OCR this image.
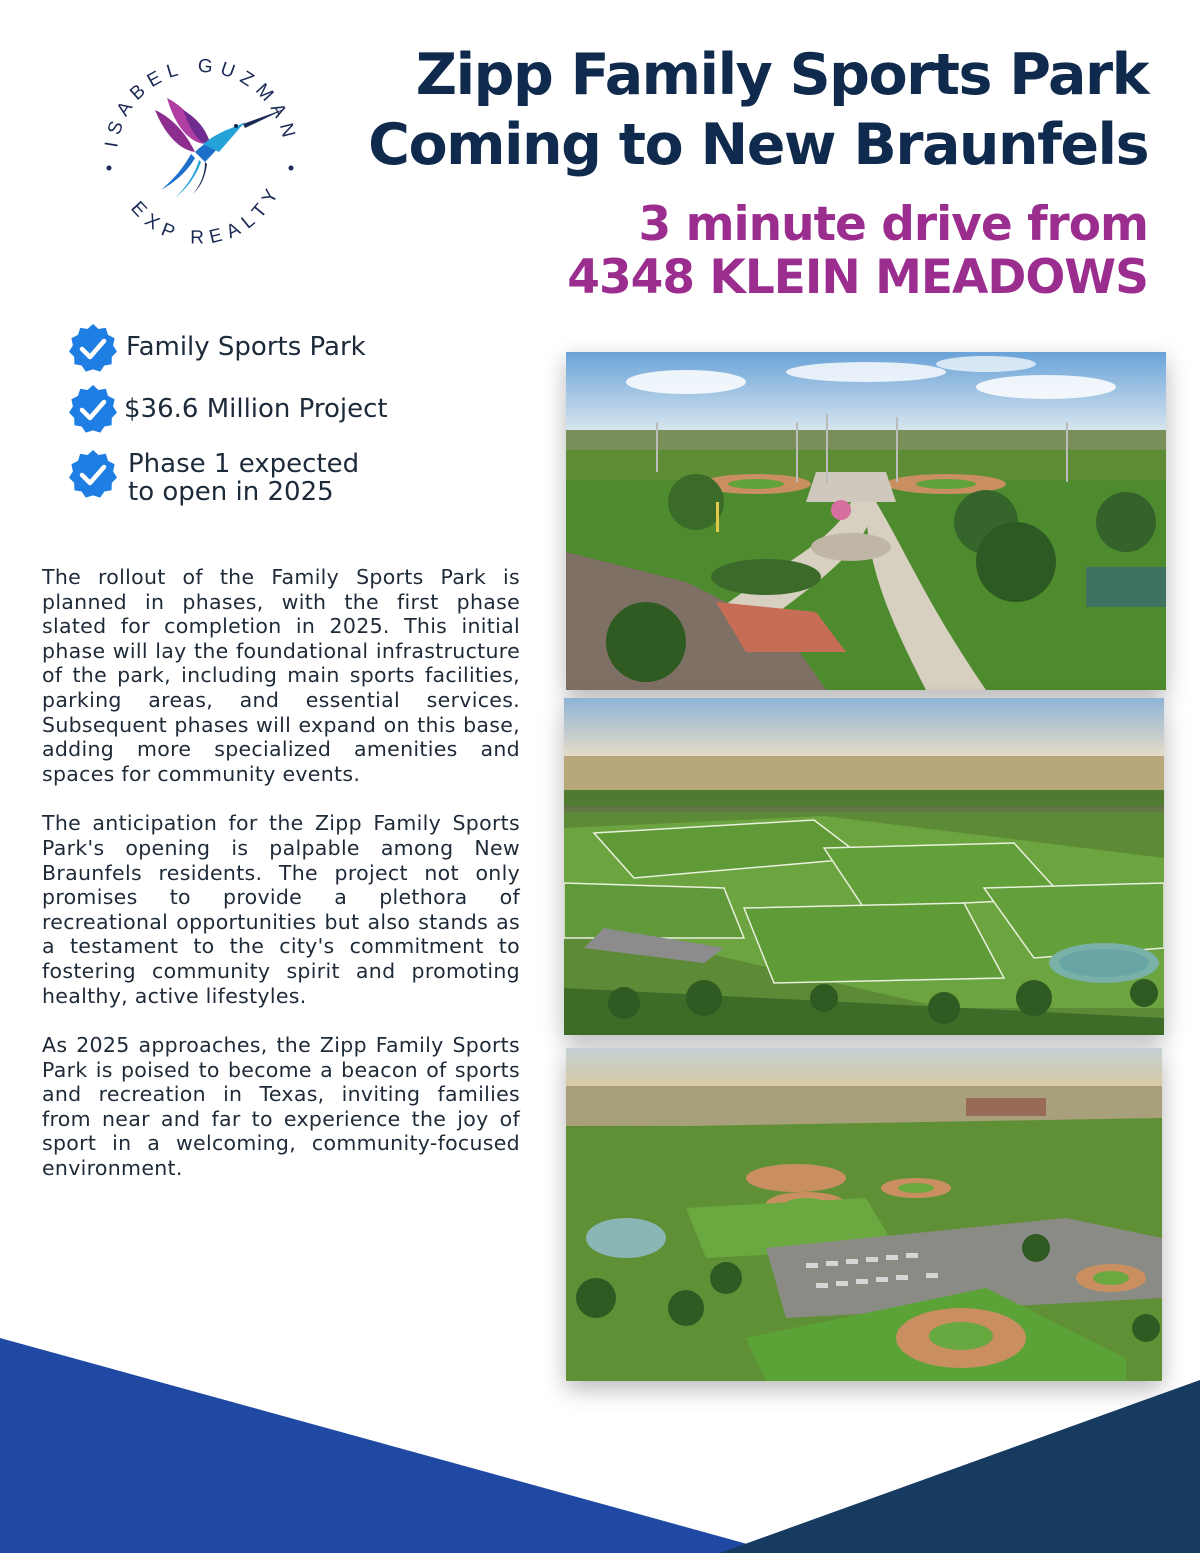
ISABEL GUZMAN
EXP REALTY
Zipp Family Sports Park
Coming to New Braunfels
3 minute drive from
4348 KLEIN MEADOWS
Family Sports Park
$36.6 Million Project
Phase 1 expected
to open in 2025

The rollout of the Family Sports Park is planned in phases, with the first phase slated for completion in 2025. This initial phase will lay the foundational infrastructure of the park, including main sports facilities, parking areas, and essential services. Subsequent phases will expand on this base, adding more specialized amenities and spaces for community events.

The anticipation for the Zipp Family Sports Park's opening is palpable among New Braunfels residents. The project not only promises to provide a plethora of recreational opportunities but also stands as a testament to the city's commitment to fostering community spirit and promoting healthy, active lifestyles.

As 2025 approaches, the Zipp Family Sports Park is poised to become a beacon of sports and recreation in Texas, inviting families from near and far to experience the joy of sport in a welcoming, community-focused environment.
